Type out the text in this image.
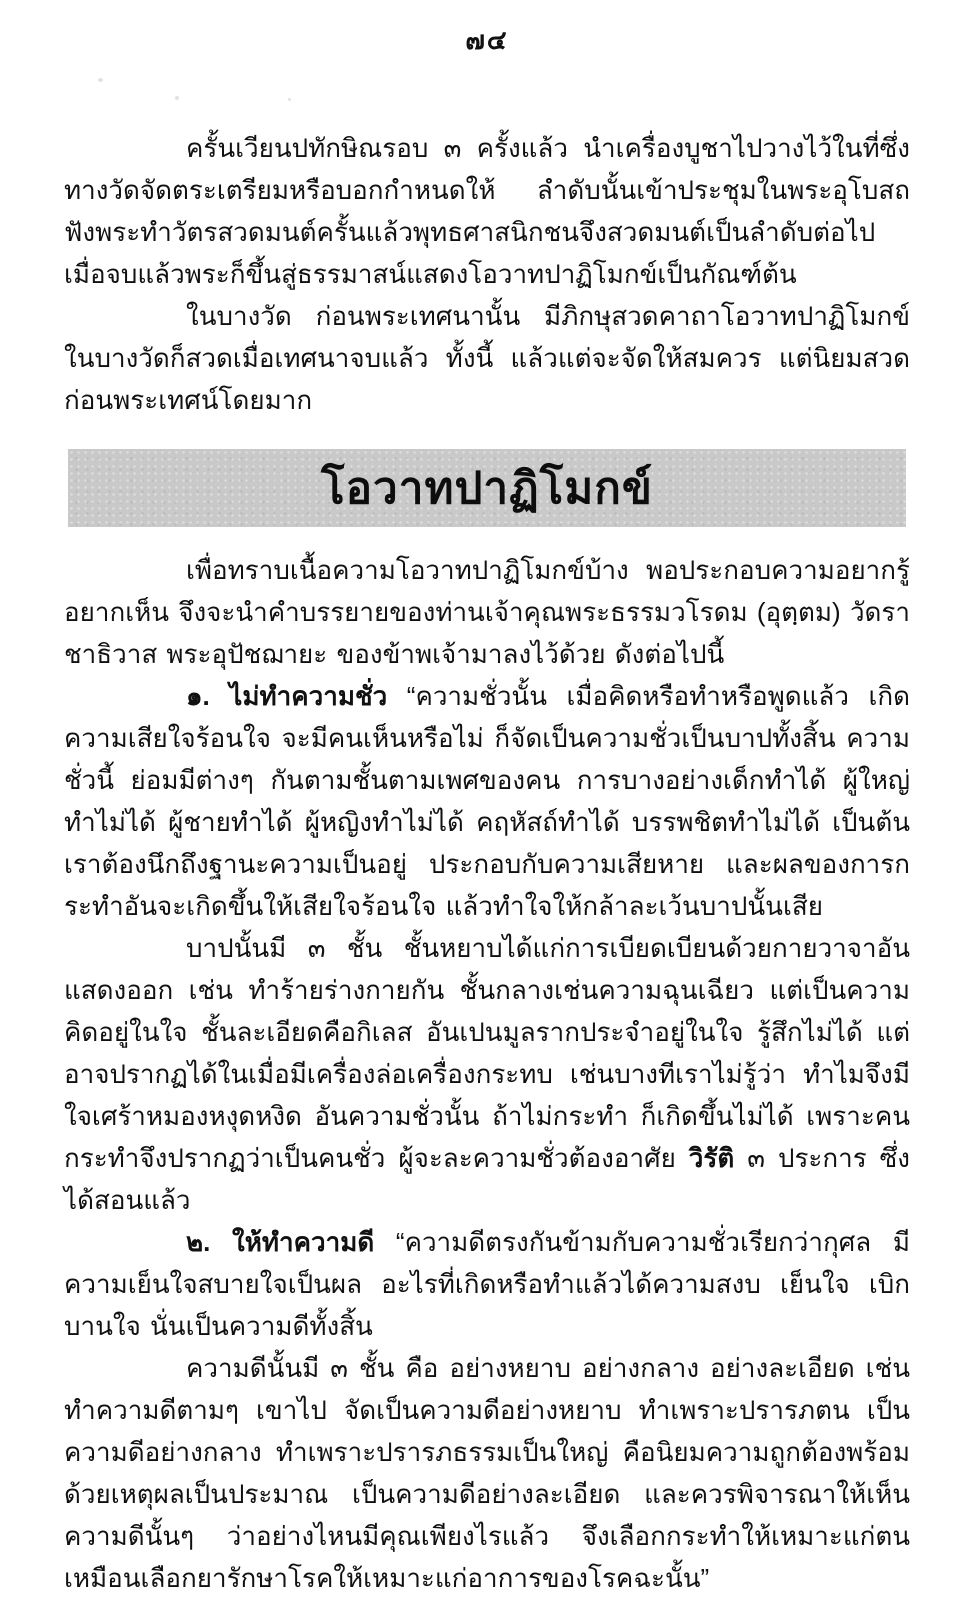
๗๔

ครั้นเวียนปทักษิณรอบ ๓ ครั้งแล้ว นำเครื่องบูชาไปวางไว้ในที่ซึ่งทางวัดจัดตระเตรียมหรือบอกกำหนดให้ ลำดับนั้นเข้าประชุมในพระอุโบสถ ฟังพระทำวัตรสวดมนต์ครั้นแล้วพุทธศาสนิกชนจึงสวดมนต์เป็นลำดับต่อไป เมื่อจบแล้วพระก็ขึ้นสู่ธรรมาสน์แสดงโอวาทปาฏิโมกข์เป็นกัณฑ์ต้น

ในบางวัด ก่อนพระเทศนานั้น มีภิกษุสวดคาถาโอวาทปาฏิโมกข์ ในบางวัดก็สวดเมื่อเทศนาจบแล้ว ทั้งนี้ แล้วแต่จะจัดให้สมควร แต่นิยมสวดก่อนพระเทศน์โดยมาก

โอวาทปาฏิโมกข์

เพื่อทราบเนื้อความโอวาทปาฏิโมกข์บ้าง พอประกอบความอยากรู้อยากเห็น จึงจะนำคำบรรยายของท่านเจ้าคุณพระธรรมวโรดม (อุตฺตม) วัดราชาธิวาส พระอุปัชฌายะ ของข้าพเจ้ามาลงไว้ด้วย ดังต่อไปนี้

๑. ไม่ทำความชั่ว “ความชั่วนั้น เมื่อคิดหรือทำหรือพูดแล้ว เกิดความเสียใจร้อนใจ จะมีคนเห็นหรือไม่ ก็จัดเป็นความชั่วเป็นบาปทั้งสิ้น ความชั่วนี้ ย่อมมีต่างๆ กันตามชั้นตามเพศของคน การบางอย่างเด็กทำได้ ผู้ใหญ่ทำไม่ได้ ผู้ชายทำได้ ผู้หญิงทำไม่ได้ คฤหัสถ์ทำได้ บรรพชิตทำไม่ได้ เป็นต้น เราต้องนึกถึงฐานะความเป็นอยู่ ประกอบกับความเสียหาย และผลของการกระทำอันจะเกิดขึ้นให้เสียใจร้อนใจ แล้วทำใจให้กล้าละเว้นบาปนั้นเสีย

บาปนั้นมี ๓ ชั้น ชั้นหยาบได้แก่การเบียดเบียนด้วยกายวาจาอันแสดงออก เช่น ทำร้ายร่างกายกัน ชั้นกลางเช่นความฉุนเฉียว แต่เป็นความคิดอยู่ในใจ ชั้นละเอียดคือกิเลส อันเปนมูลรากประจำอยู่ในใจ รู้สึกไม่ได้ แต่อาจปรากฏได้ในเมื่อมีเครื่องล่อเครื่องกระทบ เช่นบางทีเราไม่รู้ว่า ทำไมจึงมีใจเศร้าหมองหงุดหงิด อันความชั่วนั้น ถ้าไม่กระทำ ก็เกิดขึ้นไม่ได้ เพราะคนกระทำจึงปรากฏว่าเป็นคนชั่ว ผู้จะละความชั่วต้องอาศัย วิรัติ ๓ ประการ ซึ่งได้สอนแล้ว

๒. ให้ทำความดี “ความดีตรงกันข้ามกับความชั่วเรียกว่ากุศล มีความเย็นใจสบายใจเป็นผล อะไรที่เกิดหรือทำแล้วได้ความสงบ เย็นใจ เบิกบานใจ นั่นเป็นความดีทั้งสิ้น

ความดีนั้นมี ๓ ชั้น คือ อย่างหยาบ อย่างกลาง อย่างละเอียด เช่นทำความดีตามๆ เขาไป จัดเป็นความดีอย่างหยาบ ทำเพราะปรารภตน เป็นความดีอย่างกลาง ทำเพราะปรารภธรรมเป็นใหญ่ คือนิยมความถูกต้องพร้อมด้วยเหตุผลเป็นประมาณ เป็นความดีอย่างละเอียด และควรพิจารณาให้เห็นความดีนั้นๆ ว่าอย่างไหนมีคุณเพียงไรแล้ว จึงเลือกกระทำให้เหมาะแก่ตน เหมือนเลือกยารักษาโรคให้เหมาะแก่อาการของโรคฉะนั้น”
